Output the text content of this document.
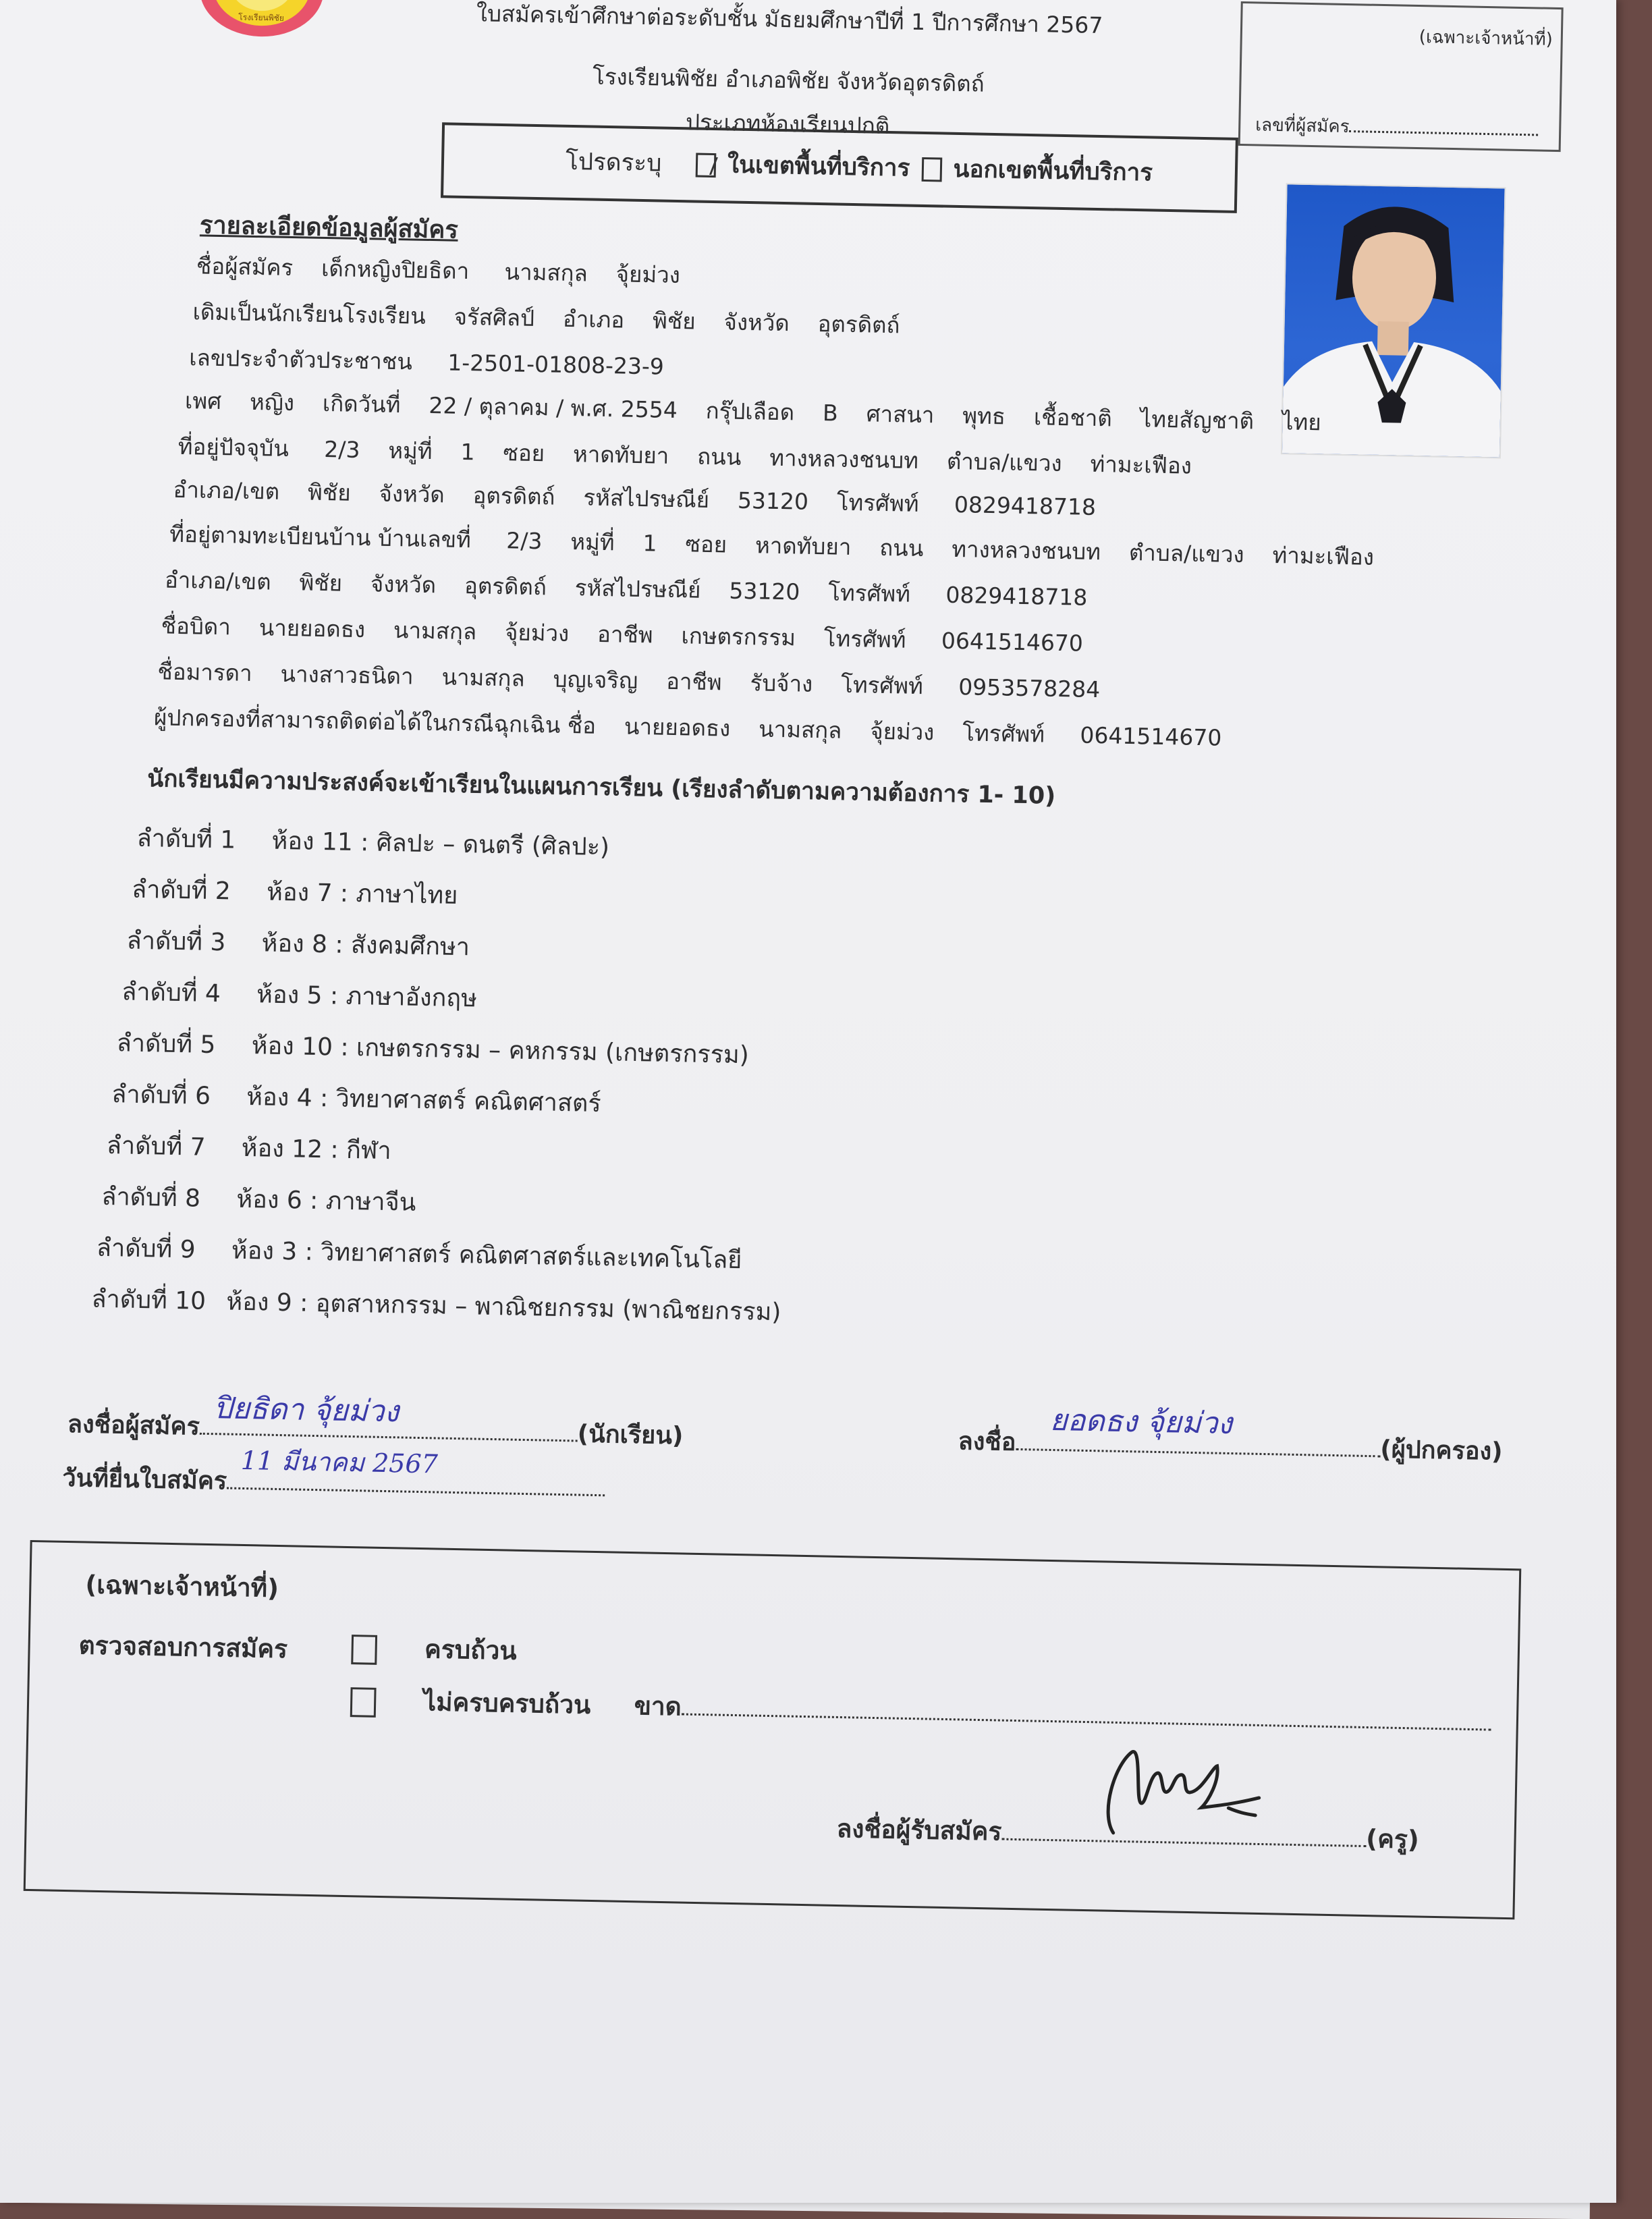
โรงเรียนพิชัย	ใบสมัครเข้าศึกษาต่อระดับชั้น มัธยมศึกษาปีที่ 1 ปีการศึกษา 2567
โรงเรียนพิชัย อำเภอพิชัย จังหวัดอุตรดิตถ์
ประเภทห้องเรียนปกติ
(เฉพาะเจ้าหน้าที่)
เลขที่ผู้สมัคร
โปรดระบุ	ในเขตพื้นที่บริการ นอกเขตพื้นที่บริการ
รายละเอียดข้อมูลผู้สมัคร
ชื่อผู้สมัคร เด็กหญิงปิยธิดา นามสกุล จุ้ยม่วง
เดิมเป็นนักเรียนโรงเรียน จรัสศิลป์ อำเภอ พิชัย จังหวัด อุตรดิตถ์
เลขประจำตัวประชาชน 1-2501-01808-23-9
เพศ หญิง เกิดวันที่ 22 / ตุลาคม / พ.ศ. 2554 กรุ๊ปเลือด B ศาสนา พุทธ เชื้อชาติ ไทยสัญชาติ ไทย
ที่อยู่ปัจจุบัน 2/3 หมู่ที่ 1 ซอย หาดทับยา ถนน ทางหลวงชนบท ตำบล/แขวง ท่ามะเฟือง
อำเภอ/เขต พิชัย จังหวัด อุตรดิตถ์ รหัสไปรษณีย์ 53120 โทรศัพท์ 0829418718
ที่อยู่ตามทะเบียนบ้าน บ้านเลขที่ 2/3 หมู่ที่ 1 ซอย หาดทับยา ถนน ทางหลวงชนบท ตำบล/แขวง ท่ามะเฟือง
อำเภอ/เขต พิชัย จังหวัด อุตรดิตถ์ รหัสไปรษณีย์ 53120 โทรศัพท์ 0829418718
ชื่อบิดา นายยอดธง นามสกุล จุ้ยม่วง อาชีพ เกษตรกรรม โทรศัพท์ 0641514670
ชื่อมารดา นางสาวธนิดา นามสกุล บุญเจริญ อาชีพ รับจ้าง โทรศัพท์ 0953578284
ผู้ปกครองที่สามารถติดต่อได้ในกรณีฉุกเฉิน ชื่อ นายยอดธง นามสกุล จุ้ยม่วง โทรศัพท์ 0641514670
นักเรียนมีความประสงค์จะเข้าเรียนในแผนการเรียน (เรียงลำดับตามความต้องการ 1- 10)
ลำดับที่ 1 ห้อง 11 : ศิลปะ – ดนตรี (ศิลปะ)
ลำดับที่ 2 ห้อง 7 : ภาษาไทย
ลำดับที่ 3 ห้อง 8 : สังคมศึกษา
ลำดับที่ 4 ห้อง 5 : ภาษาอังกฤษ
ลำดับที่ 5 ห้อง 10 : เกษตรกรรม – คหกรรม (เกษตรกรรม)
ลำดับที่ 6 ห้อง 4 : วิทยาศาสตร์ คณิตศาสตร์
ลำดับที่ 7 ห้อง 12 : กีฬา
ลำดับที่ 8 ห้อง 6 : ภาษาจีน
ลำดับที่ 9 ห้อง 3 : วิทยาศาสตร์ คณิตศาสตร์และเทคโนโลยี
ลำดับที่ 10 ห้อง 9 : อุตสาหกรรม – พาณิชยกรรม (พาณิชยกรรม)
ลงชื่อผู้สมัคร ปิยธิดา จุ้ยม่วง
(นักเรียน)
วันที่ยื่นใบสมัคร
11 มีนาคม 2567
ลงชื่อ
ยอดธง จุ้ยม่วง
(ผู้ปกครอง)
(เฉพาะเจ้าหน้าที่)
ตรวจสอบการสมัคร	ครบถ้วน
ไม่ครบครบถ้วน ขาด
ลงชื่อผู้รับสมัคร	(ครู)
